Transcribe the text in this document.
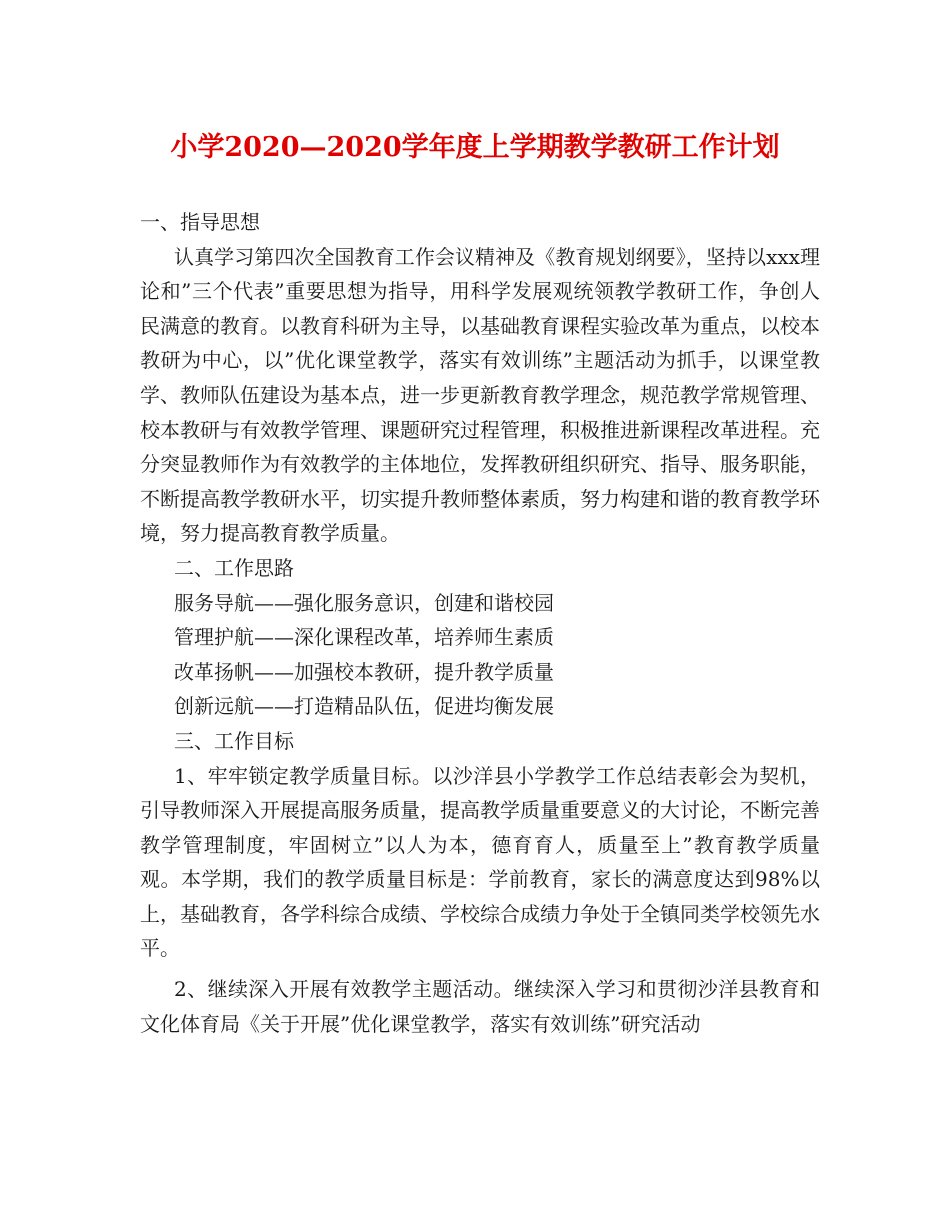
小学2020—2020学年度上学期教学教研工作计划

一、指导思想

认真学习第四次全国教育工作会议精神及《教育规划纲要》，坚持以xxx理论和”三个代表”重要思想为指导，用科学发展观统领教学教研工作，争创人民满意的教育。以教育科研为主导，以基础教育课程实验改革为重点，以校本教研为中心，以”优化课堂教学，落实有效训练”主题活动为抓手，以课堂教学、教师队伍建设为基本点，进一步更新教育教学理念，规范教学常规管理、校本教研与有效教学管理、课题研究过程管理，积极推进新课程改革进程。充分突显教师作为有效教学的主体地位，发挥教研组织研究、指导、服务职能，不断提高教学教研水平，切实提升教师整体素质，努力构建和谐的教育教学环境，努力提高教育教学质量。

二、工作思路

服务导航——强化服务意识，创建和谐校园

管理护航——深化课程改革，培养师生素质

改革扬帆——加强校本教研，提升教学质量

创新远航——打造精品队伍，促进均衡发展

三、工作目标

1、牢牢锁定教学质量目标。以沙洋县小学教学工作总结表彰会为契机，引导教师深入开展提高服务质量，提高教学质量重要意义的大讨论，不断完善教学管理制度，牢固树立”以人为本，德育育人，质量至上”教育教学质量观。本学期，我们的教学质量目标是：学前教育，家长的满意度达到98%以上，基础教育，各学科综合成绩、学校综合成绩力争处于全镇同类学校领先水平。

2、继续深入开展有效教学主题活动。继续深入学习和贯彻沙洋县教育和文化体育局《关于开展”优化课堂教学，落实有效训练”研究活动
